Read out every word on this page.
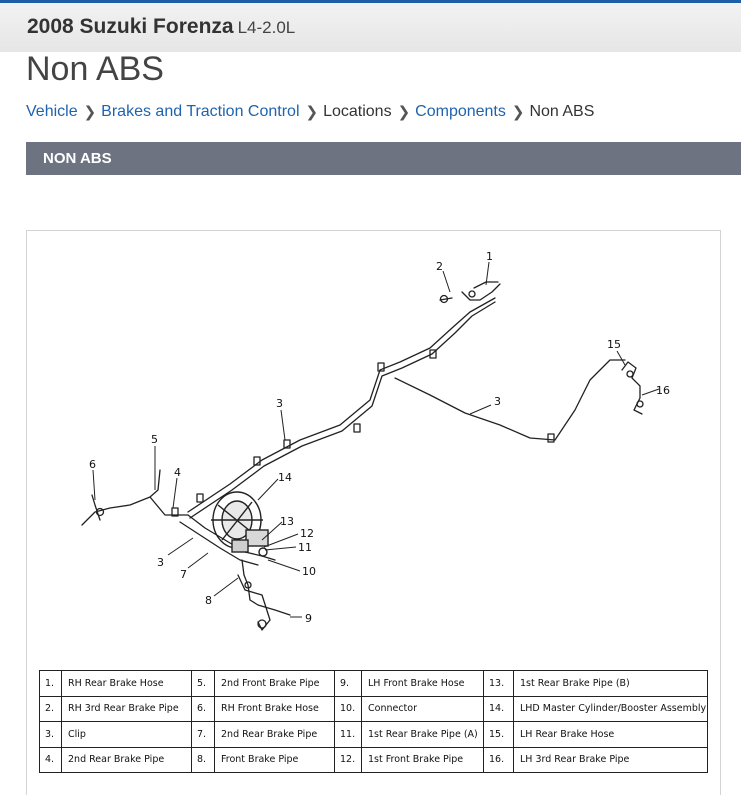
2008 Suzuki Forenza L4-2.0L
Non ABS
Vehicle ❯ Brakes and Traction Control ❯ Locations ❯ Components ❯ Non ABS
NON ABS
1
2
3	3
3
4
5
6
7
8
9
10
11
12
13
14
15
16
1.	RH Rear Brake Hose	5.	2nd Front Brake Pipe	9.	LH Front Brake Hose	13.	1st Rear Brake Pipe (B)
2.	RH 3rd Rear Brake Pipe	6.	RH Front Brake Hose	10.	Connector	14.	LHD Master Cylinder/Booster Assembly
3.	Clip	7.	2nd Rear Brake Pipe	11.	1st Rear Brake Pipe (A)	15.	LH Rear Brake Hose
4.	2nd Rear Brake Pipe	8.	Front Brake Pipe	12.	1st Front Brake Pipe	16.	LH 3rd Rear Brake Pipe
